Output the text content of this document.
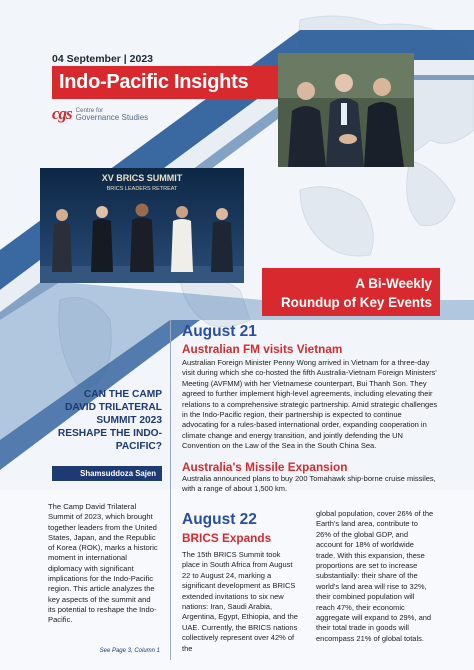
04 September | 2023
Indo-Pacific Insights
cgs Centre for
Governance Studies
XV BRICS SUMMIT
BRICS LEADERS RETREAT
A Bi-Weekly
Roundup of Key Events
August 21
Australian FM visits Vietnam
Australian Foreign Minister Penny Wong arrived in Vietnam for a three-day visit during which she co-hosted the fifth Australia-Vietnam Foreign Ministers' Meeting (AVFMM) with her Vietnamese counterpart, Bui Thanh Son. They agreed to further implement high-level agreements, including elevating their relations to a comprehensive strategic partnership. Amid strategic challenges in the Indo-Pacific region, their partnership is expected to continue advocating for a rules-based international order, expanding cooperation in climate change and energy transition, and jointly defending the UN Convention on the Law of the Sea in the South China Sea.
Australia's Missile Expansion
Australia announced plans to buy 200 Tomahawk ship-borne cruise missiles, with a range of about 1,500 km.
CAN THE CAMP DAVID TRILATERAL SUMMIT 2023 RESHAPE THE INDO-PACIFIC?
Shamsuddoza Sajen
The Camp David Trilateral Summit of 2023, which brought together leaders from the United States, Japan, and the Republic of Korea (ROK), marks a historic moment in international diplomacy with significant implications for the Indo-Pacific region. This article analyzes the key aspects of the summit and its potential to reshape the Indo-Pacific.
See Page 3, Column 1
August 22
BRICS Expands
The 15th BRICS Summit took place in South Africa from August 22 to August 24, marking a significant development as BRICS extended invitations to six new nations: Iran, Saudi Arabia, Argentina, Egypt, Ethiopia, and the UAE. Currently, the BRICS nations collectively represent over 42% of the
global population, cover 26% of the Earth's land area, contribute to 26% of the global GDP, and account for 18% of worldwide trade. With this expansion, these proportions are set to increase substantially: their share of the world's land area will rise to 32%, their combined population will reach 47%, their economic aggregate will expand to 29%, and their total trade in goods will encompass 21% of global totals.
